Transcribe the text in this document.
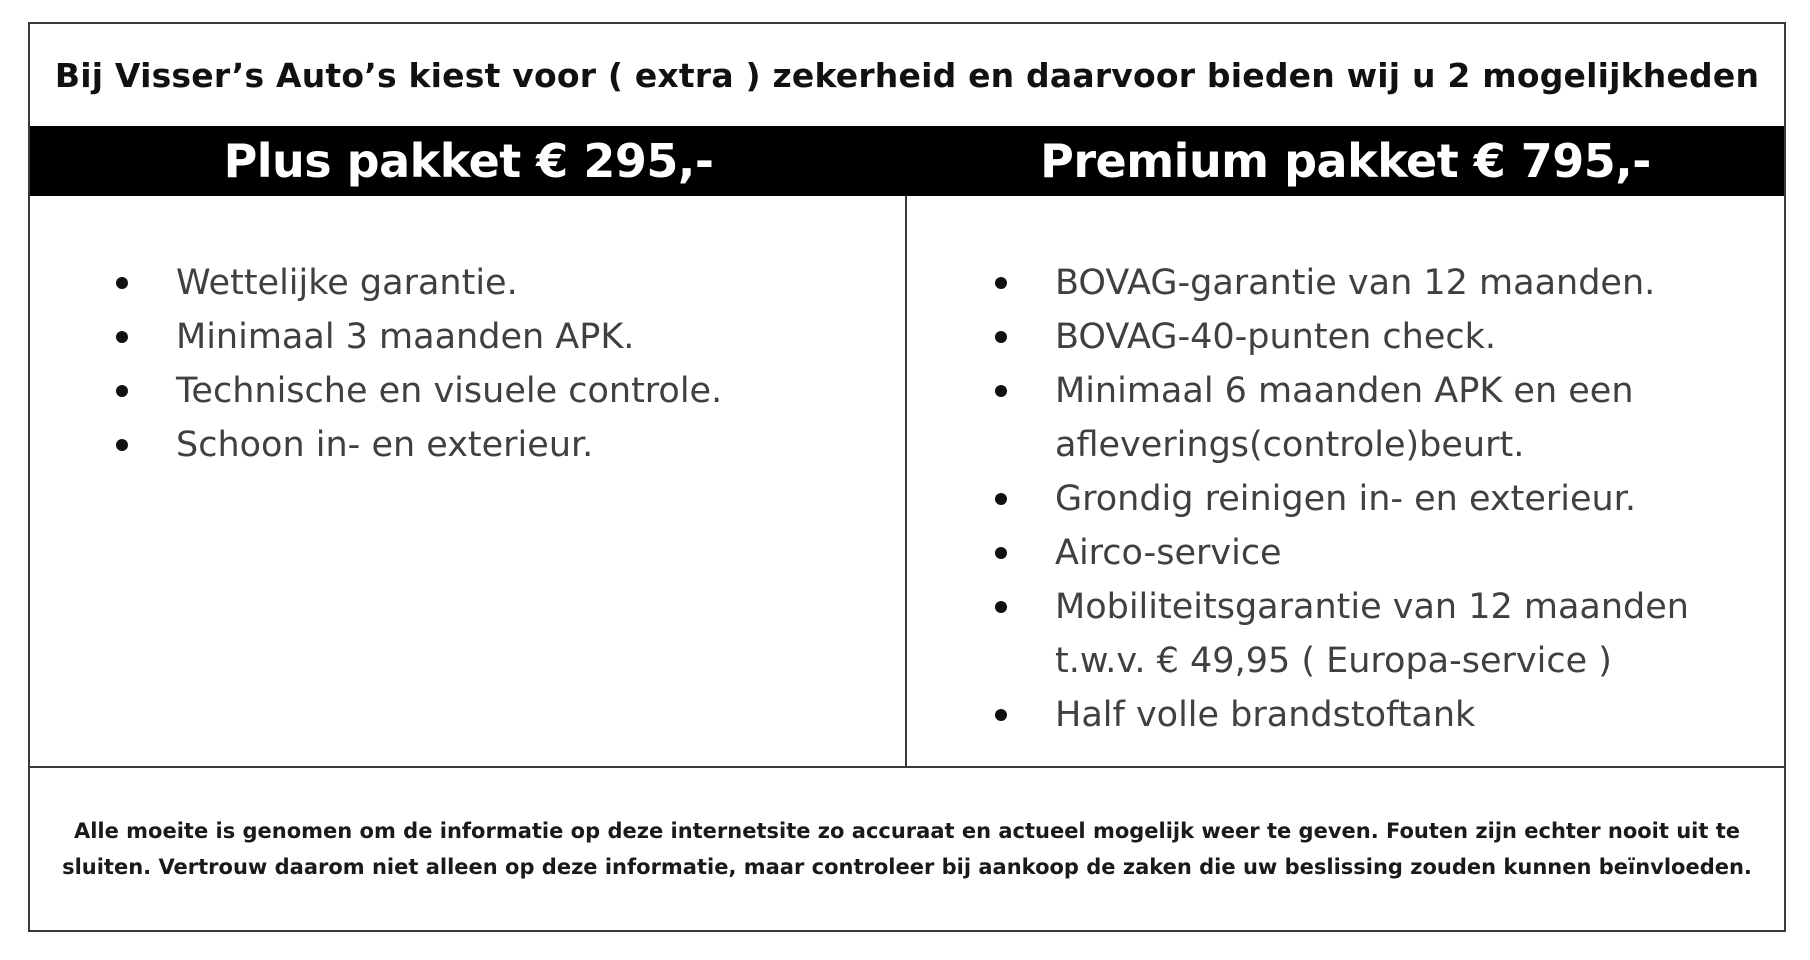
Bij Visser’s Auto’s kiest voor ( extra ) zekerheid en daarvoor bieden wij u 2 mogelijkheden
Plus pakket € 295,-	Premium pakket € 795,-
Wettelijke garantie.
Minimaal 3 maanden APK.
Technische en visuele controle.
Schoon in- en exterieur.
BOVAG-garantie van 12 maanden.
BOVAG-40-punten check.
Minimaal 6 maanden APK en een
afleverings(controle)beurt.
Grondig reinigen in- en exterieur.
Airco-service
Mobiliteitsgarantie van 12 maanden
t.w.v. € 49,95 ( Europa-service )
Half volle brandstoftank

Alle moeite is genomen om de informatie op deze internetsite zo accuraat en actueel mogelijk weer te geven. Fouten zijn echter nooit uit te sluiten. Vertrouw daarom niet alleen op deze informatie, maar controleer bij aankoop de zaken die uw beslissing zouden kunnen beïnvloeden.
